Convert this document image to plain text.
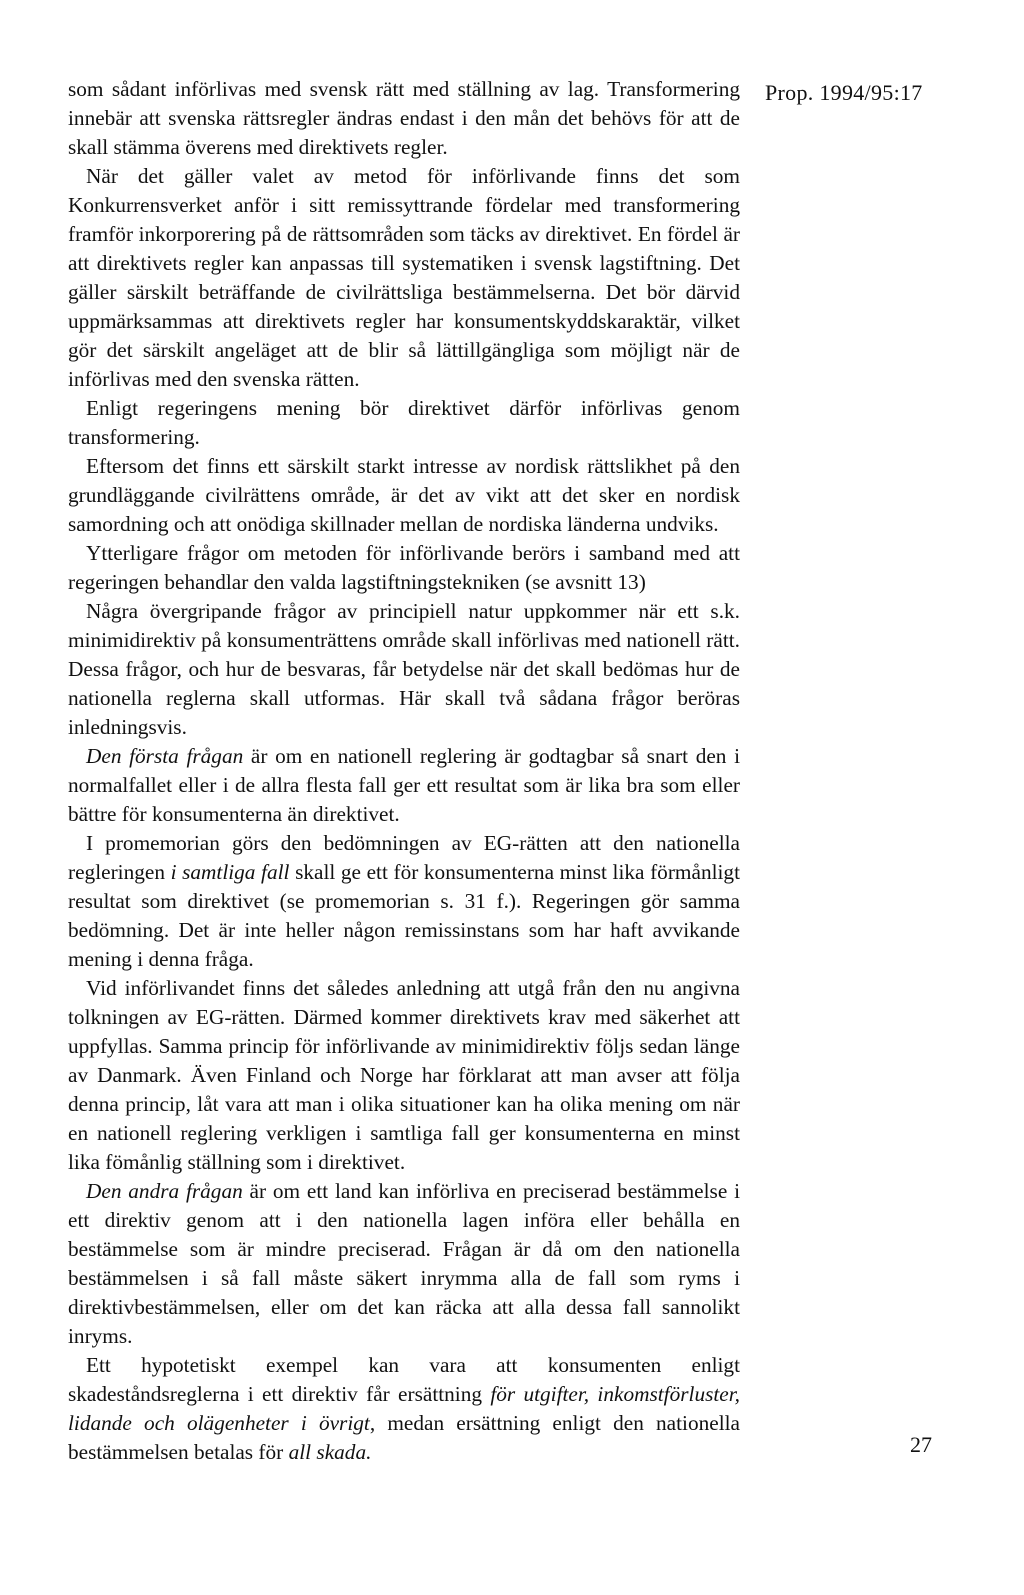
Prop. 1994/95:17

som sådant införlivas med svensk rätt med ställning av lag. Transformering innebär att svenska rättsregler ändras endast i den mån det behövs för att de skall stämma överens med direktivets regler.

När det gäller valet av metod för införlivande finns det som Konkurrensverket anför i sitt remissyttrande fördelar med transformering framför inkorporering på de rättsområden som täcks av direktivet. En fördel är att direktivets regler kan anpassas till systematiken i svensk lagstiftning. Det gäller särskilt beträffande de civilrättsliga bestämmelserna. Det bör därvid uppmärksammas att direktivets regler har konsumentskyddskaraktär, vilket gör det särskilt angeläget att de blir så lättillgängliga som möjligt när de införlivas med den svenska rätten.

Enligt regeringens mening bör direktivet därför införlivas genom transformering.

Eftersom det finns ett särskilt starkt intresse av nordisk rättslikhet på den grundläggande civilrättens område, är det av vikt att det sker en nordisk samordning och att onödiga skillnader mellan de nordiska länderna undviks.

Ytterligare frågor om metoden för införlivande berörs i samband med att regeringen behandlar den valda lagstiftningstekniken (se avsnitt 13)

Några övergripande frågor av principiell natur uppkommer när ett s.k. minimidirektiv på konsumenträttens område skall införlivas med nationell rätt. Dessa frågor, och hur de besvaras, får betydelse när det skall bedömas hur de nationella reglerna skall utformas. Här skall två sådana frågor beröras inledningsvis.

Den första frågan är om en nationell reglering är godtagbar så snart den i normalfallet eller i de allra flesta fall ger ett resultat som är lika bra som eller bättre för konsumenterna än direktivet.

I promemorian görs den bedömningen av EG-rätten att den nationella regleringen i samtliga fall skall ge ett för konsumenterna minst lika förmånligt resultat som direktivet (se promemorian s. 31 f.). Regeringen gör samma bedömning. Det är inte heller någon remissinstans som har haft avvikande mening i denna fråga.

Vid införlivandet finns det således anledning att utgå från den nu angivna tolkningen av EG-rätten. Därmed kommer direktivets krav med säkerhet att uppfyllas. Samma princip för införlivande av minimidirektiv följs sedan länge av Danmark. Även Finland och Norge har förklarat att man avser att följa denna princip, låt vara att man i olika situationer kan ha olika mening om när en nationell reglering verkligen i samtliga fall ger konsumenterna en minst lika fömånlig ställning som i direktivet.

Den andra frågan är om ett land kan införliva en preciserad bestämmelse i ett direktiv genom att i den nationella lagen införa eller behålla en bestämmelse som är mindre preciserad. Frågan är då om den nationella bestämmelsen i så fall måste säkert inrymma alla de fall som ryms i direktivbestämmelsen, eller om det kan räcka att alla dessa fall sannolikt inryms.

Ett hypotetiskt exempel kan vara att konsumenten enligt skadeståndsreglerna i ett direktiv får ersättning för utgifter, inkomstförluster, lidande och olägenheter i övrigt, medan ersättning enligt den nationella bestämmelsen betalas för all skada.	27
